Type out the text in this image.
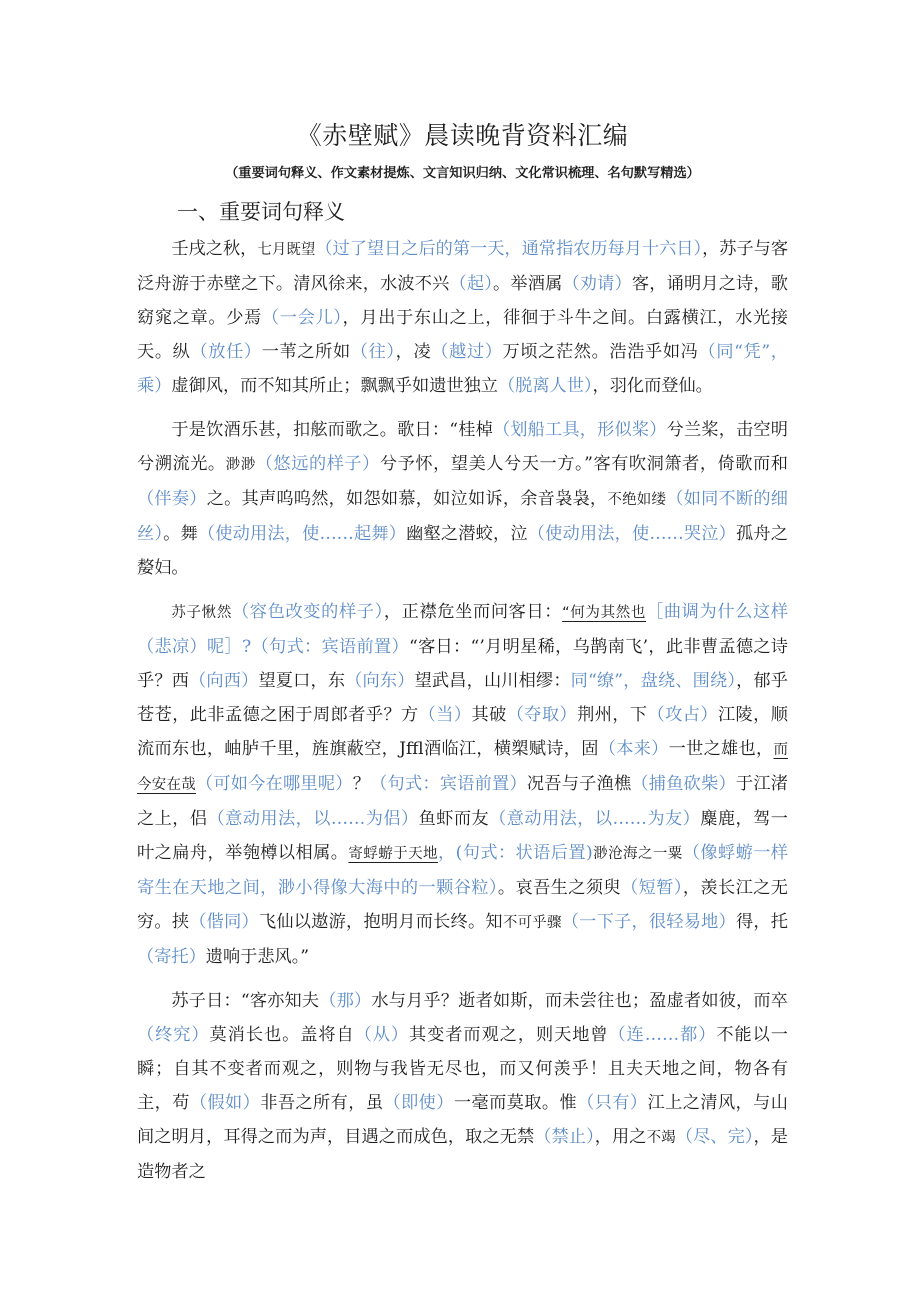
《赤壁赋》晨读晚背资料汇编

（重要词句释义、作文素材提炼、文言知识归纳、文化常识梳理、名句默写精选）

一、重要词句释义

壬戌之秋，七月既望（过了望日之后的第一天，通常指农历每月十六日），苏子与客泛舟游于赤壁之下。清风徐来，水波不兴（起）。举酒属（劝请）客，诵明月之诗，歌窈窕之章。少焉（一会儿），月出于东山之上，徘徊于斗牛之间。白露横江，水光接天。纵（放任）一苇之所如（往），凌（越过）万顷之茫然。浩浩乎如冯（同“凭”，乘）虚御风，而不知其所止；飘飘乎如遗世独立（脱离人世），羽化而登仙。

于是饮酒乐甚，扣舷而歌之。歌日：“桂棹（划船工具，形似桨）兮兰桨，击空明兮溯流光。渺渺（悠远的样子）兮予怀，望美人兮天一方。”客有吹洞箫者，倚歌而和（伴奏）之。其声呜呜然，如怨如慕，如泣如诉，余音袅袅，不绝如缕（如同不断的细丝）。舞（使动用法，使……起舞）幽壑之潜蛟，泣（使动用法，使……哭泣）孤舟之嫠妇。

苏子愀然（容色改变的样子），正襟危坐而问客日：“何为其然也［曲调为什么这样（悲凉）呢］?（句式：宾语前置）“客日：“’月明星稀，乌鹊南飞’，此非曹孟德之诗乎？西（向西）望夏口，东（向东）望武昌，山川相缪：同“缭”，盘绕、围绕），郁乎苍苍，此非孟德之困于周郎者乎？方（当）其破（夺取）荆州，下（攻占）江陵，顺流而东也，岫胪千里，旌旗蔽空，Jffl酒临江，横槊赋诗，固（本来）一世之雄也，而今安在哉（可如今在哪里呢）？（句式：宾语前置）况吾与子渔樵（捕鱼砍柴）于江渚之上，侣（意动用法，以……为侣）鱼虾而友（意动用法，以……为友）麋鹿，驾一叶之扁舟，举匏樽以相属。寄蜉蝣于天地，(句式：状语后置)渺沧海之一粟（像蜉蝣一样寄生在天地之间，渺小得像大海中的一颗谷粒）。哀吾生之须臾（短暂），羡长江之无穷。挟（偕同）飞仙以遨游，抱明月而长终。知不可乎骤（一下子，很轻易地）得，托（寄托）遗响于悲风。”

苏子日：“客亦知夫（那）水与月乎？逝者如斯，而未尝往也；盈虚者如彼，而卒（终究）莫消长也。盖将自（从）其变者而观之，则天地曾（连……都）不能以一瞬；自其不变者而观之，则物与我皆无尽也，而又何羡乎！且夫天地之间，物各有主，苟（假如）非吾之所有，虽（即使）一毫而莫取。惟（只有）江上之清风，与山间之明月，耳得之而为声，目遇之而成色，取之无禁（禁止），用之不竭（尽、完），是造物者之
